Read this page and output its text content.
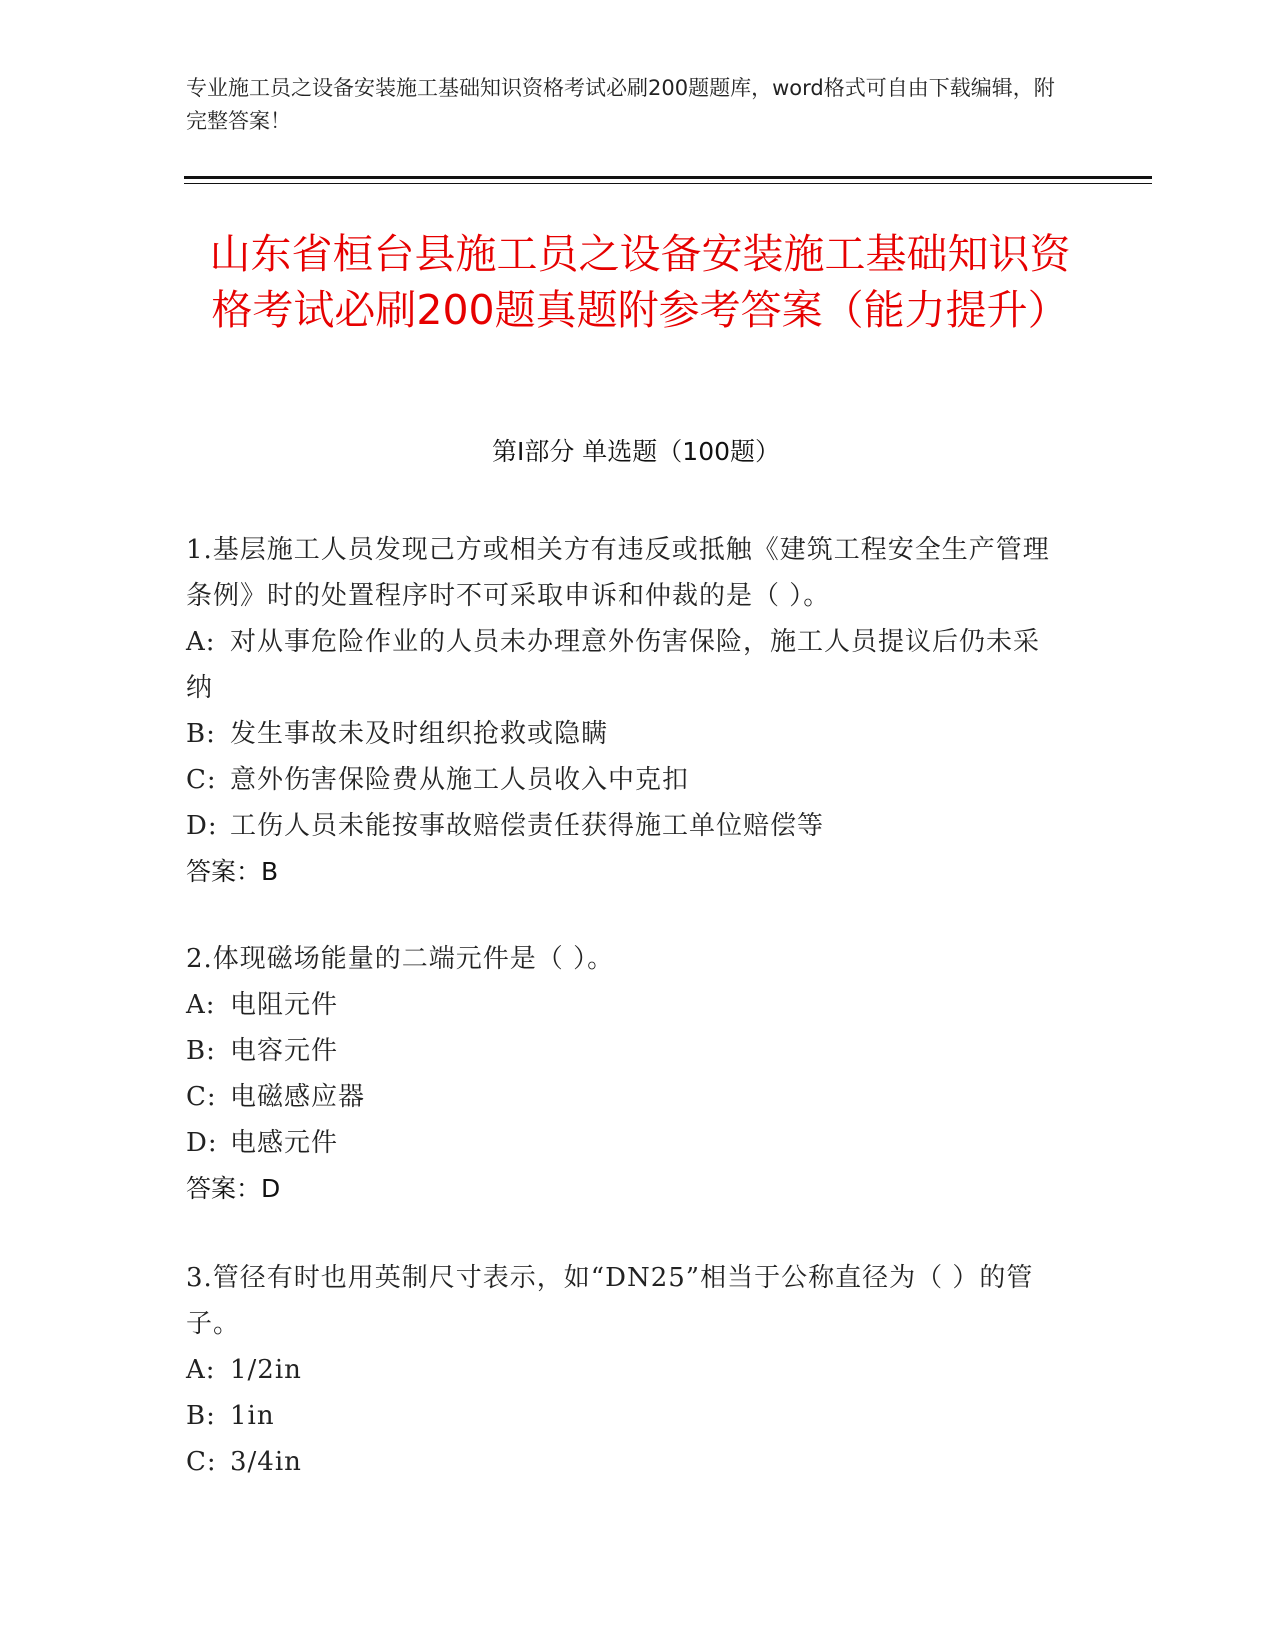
专业施工员之设备安装施工基础知识资格考试必刷200题题库，word格式可自由下载编辑，附完整答案！
山东省桓台县施工员之设备安装施工基础知识资格考试必刷200题真题附参考答案（能力提升）
第Ⅰ部分 单选题（100题）
1.基层施工人员发现己方或相关方有违反或抵触《建筑工程安全生产管理条例》时的处置程序时不可采取申诉和仲裁的是（ ）。
A: 对从事危险作业的人员未办理意外伤害保险，施工人员提议后仍未采纳
B: 发生事故未及时组织抢救或隐瞒
C: 意外伤害保险费从施工人员收入中克扣
D: 工伤人员未能按事故赔偿责任获得施工单位赔偿等
答案：B
2.体现磁场能量的二端元件是（ ）。
A: 电阻元件
B: 电容元件
C: 电磁感应器
D: 电感元件
答案：D
3.管径有时也用英制尺寸表示，如“DN25”相当于公称直径为（ ）的管子。
A: 1/2in
B: 1in
C: 3/4in
